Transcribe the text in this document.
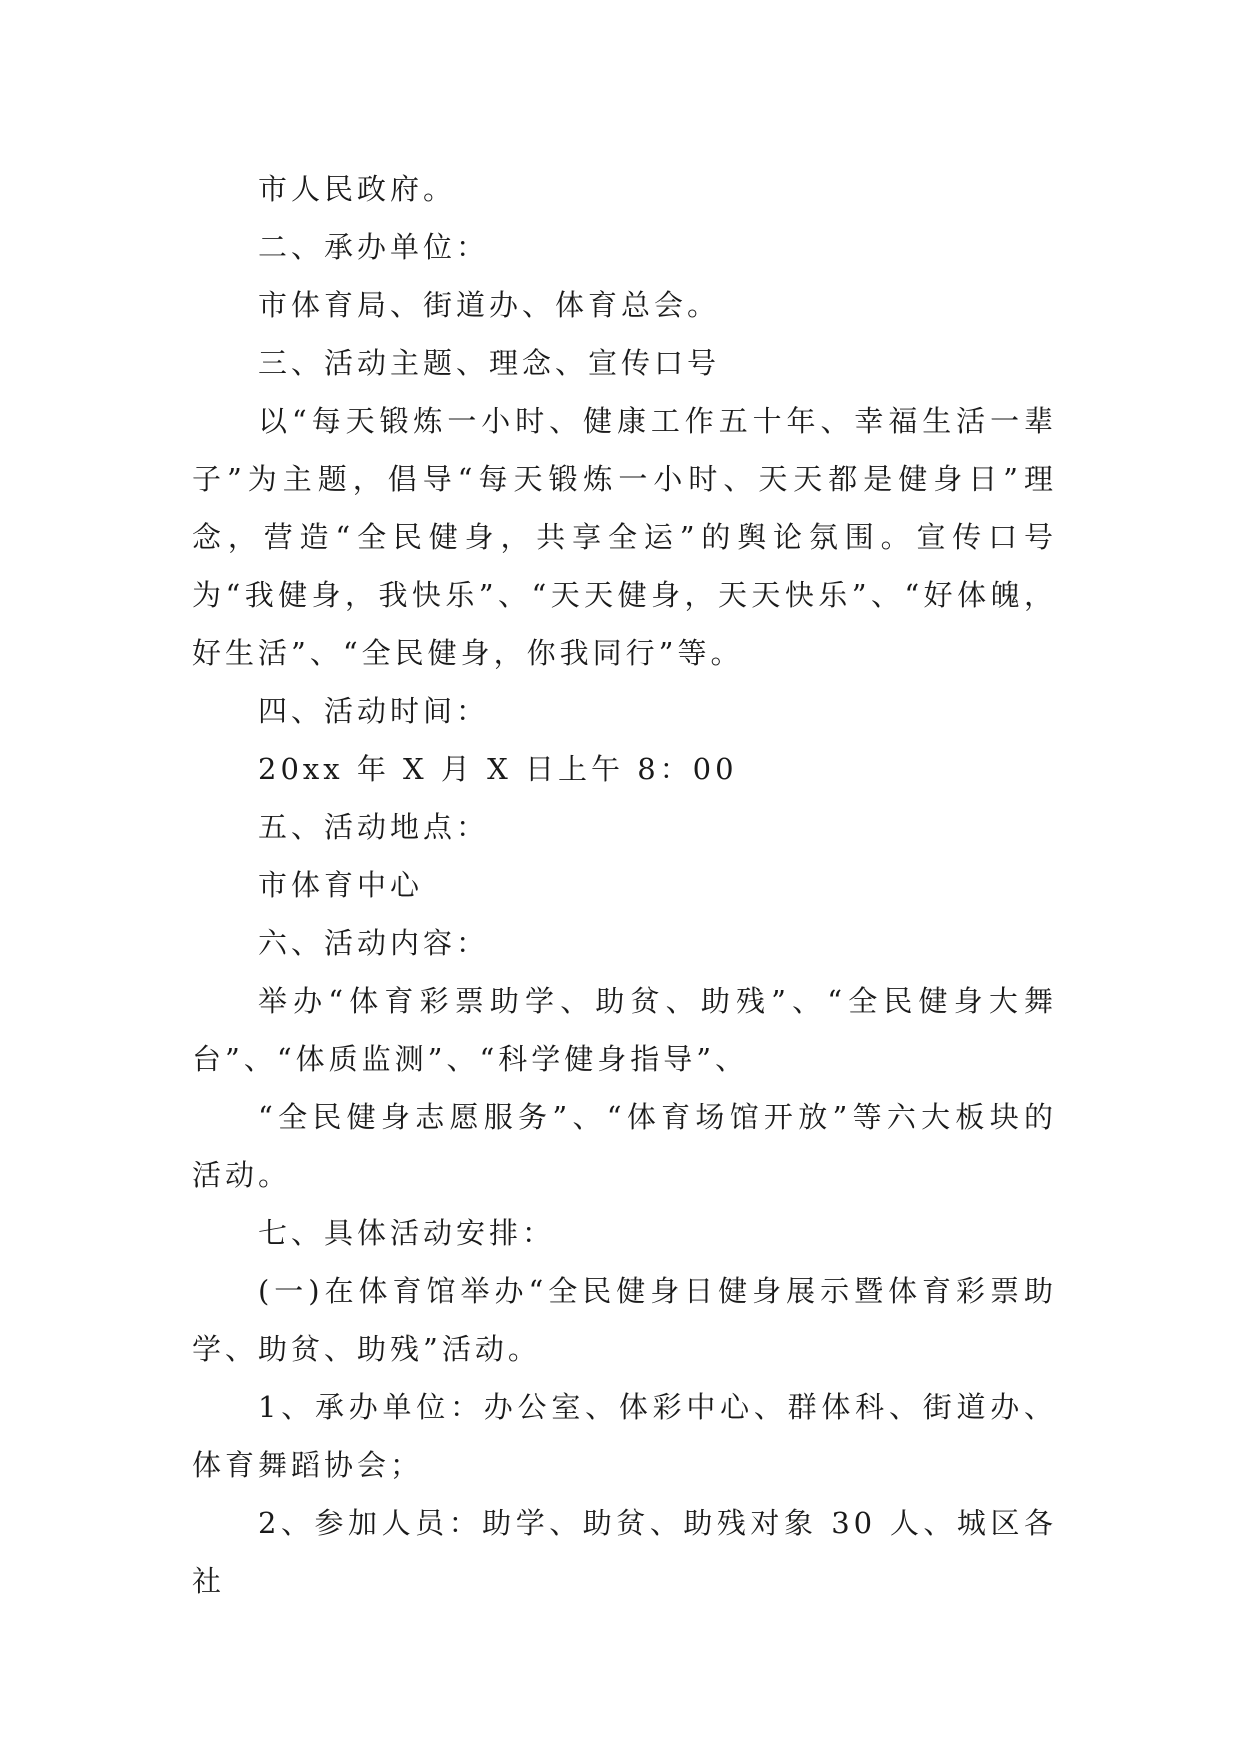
市人民政府。

二、承办单位：

市体育局、街道办、体育总会。

三、活动主题、理念、宣传口号

以“每天锻炼一小时、健康工作五十年、幸福生活一辈子”为主题，倡导“每天锻炼一小时、天天都是健身日”理念，营造“全民健身，共享全运”的舆论氛围。宣传口号为“我健身，我快乐”、“天天健身，天天快乐”、“好体魄，好生活”、“全民健身，你我同行”等。

四、活动时间：

20xx 年 X 月 X 日上午 8：00

五、活动地点：

市体育中心

六、活动内容：

举办“体育彩票助学、助贫、助残”、“全民健身大舞台”、“体质监测”、“科学健身指导”、

“全民健身志愿服务”、“体育场馆开放”等六大板块的活动。

七、具体活动安排：

(一)在体育馆举办“全民健身日健身展示暨体育彩票助学、助贫、助残”活动。

1、承办单位：办公室、体彩中心、群体科、街道办、体育舞蹈协会；

2、参加人员：助学、助贫、助残对象 30 人、城区各社
